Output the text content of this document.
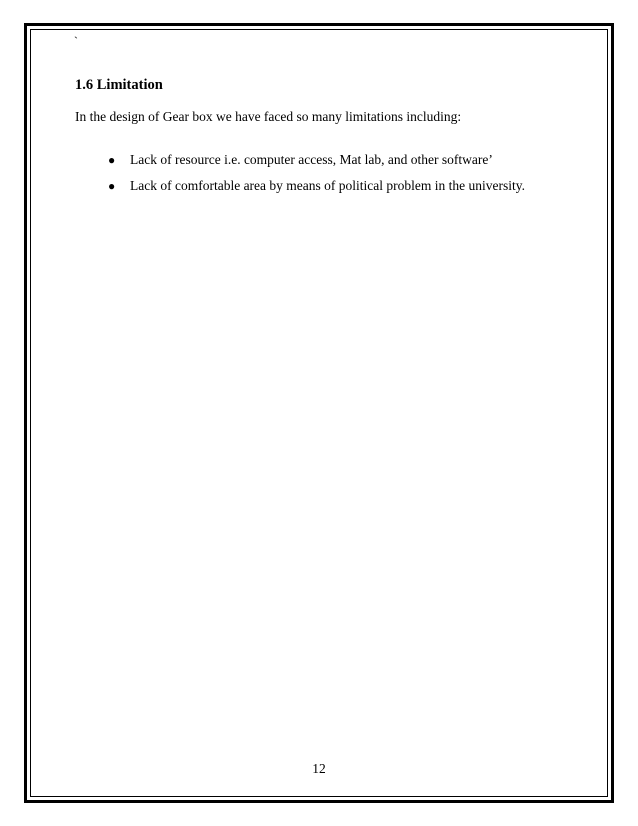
`
1.6 Limitation

In the design of Gear box we have faced so many limitations including:

● Lack of resource i.e. computer access, Mat lab, and other software’
● Lack of comfortable area by means of political problem in the university.
12
